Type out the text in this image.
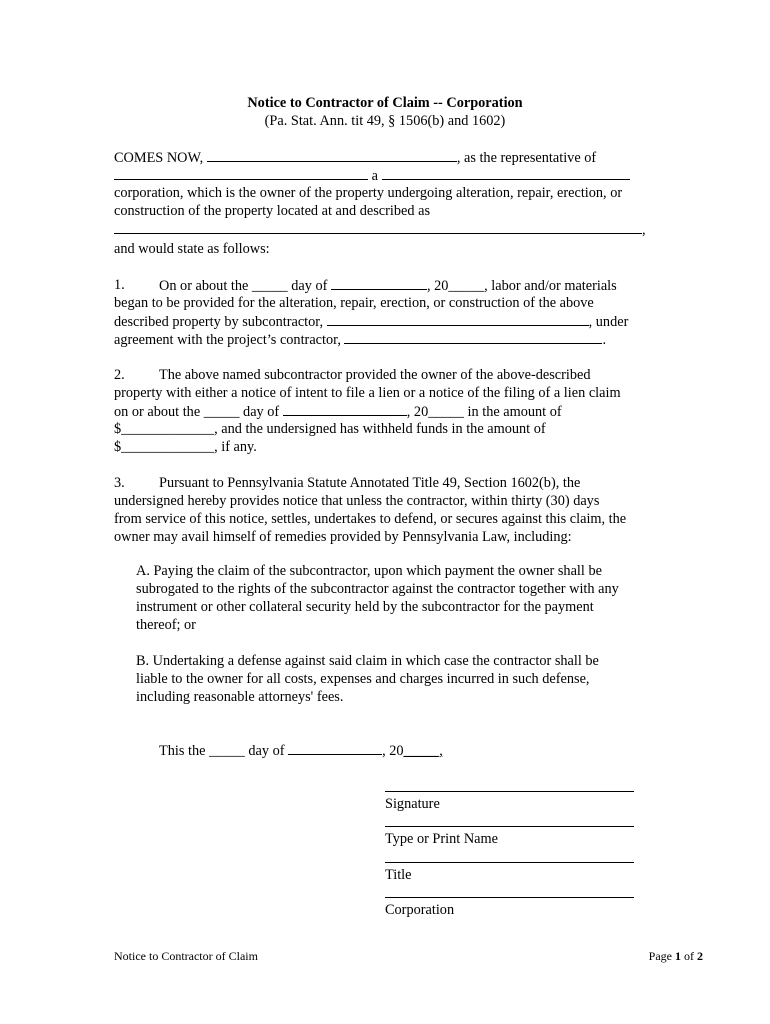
Notice to Contractor of Claim -- Corporation
(Pa. Stat. Ann. tit 49, § 1506(b) and 1602)
COMES NOW,	, as the representative of
a
corporation, which is the owner of the property undergoing alteration, repair, erection, or
construction of the property located at and described as
,
and would state as follows:
1. On or about the _____ day of	, 20_____, labor and/or materials
began to be provided for the alteration, repair, erection, or construction of the above
described property by subcontractor,	, under
agreement with the project’s contractor,	.
2. The above named subcontractor provided the owner of the above-described
property with either a notice of intent to file a lien or a notice of the filing of a lien claim
on or about the _____ day of	, 20_____ in the amount of
$_____________, and the undersigned has withheld funds in the amount of
$_____________, if any.
3. Pursuant to Pennsylvania Statute Annotated Title 49, Section 1602(b), the
undersigned hereby provides notice that unless the contractor, within thirty (30) days
from service of this notice, settles, undertakes to defend, or secures against this claim, the
owner may avail himself of remedies provided by Pennsylvania Law, including:
A. Paying the claim of the subcontractor, upon which payment the owner shall be
subrogated to the rights of the subcontractor against the contractor together with any
instrument or other collateral security held by the subcontractor for the payment
thereof; or
B. Undertaking a defense against said claim in which case the contractor shall be
liable to the owner for all costs, expenses and charges incurred in such defense,
including reasonable attorneys' fees.
This the _____ day of	, 20_____,
Signature
Type or Print Name
Title
Corporation
Notice to Contractor of Claim	Page 1 of 2
